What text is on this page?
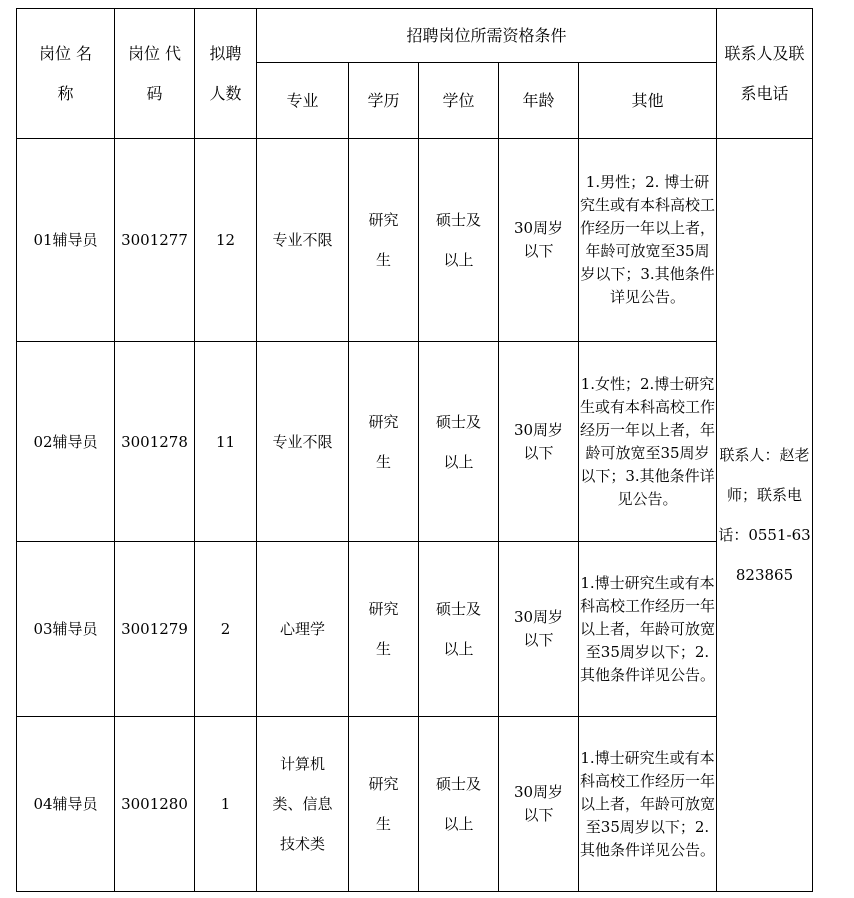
岗位 名称	岗位 代码	拟聘人数	招聘岗位所需资格条件					联系人及联系电话
			专业	学历	学位	年龄	其他	
01辅导员	3001277	12	专业不限	研究生	硕士及以上	30周岁以下	1.男性；2. 博士研究生或有本科高校工作经历一年以上者，年龄可放宽至35周岁以下；3.其他条件详见公告。	联系人：赵老师；联系电话：0551-63823865
02辅导员	3001278	11	专业不限	研究生	硕士及以上	30周岁以下	1.女性；2.博士研究生或有本科高校工作经历一年以上者，年龄可放宽至35周岁以下；3.其他条件详见公告。	
03辅导员	3001279	2	心理学	研究生	硕士及以上	30周岁以下	1.博士研究生或有本科高校工作经历一年以上者，年龄可放宽至35周岁以下；2.其他条件详见公告。	
04辅导员	3001280	1	计算机类、信息技术类	研究生	硕士及以上	30周岁以下	1.博士研究生或有本科高校工作经历一年以上者，年龄可放宽至35周岁以下；2.其他条件详见公告。	
